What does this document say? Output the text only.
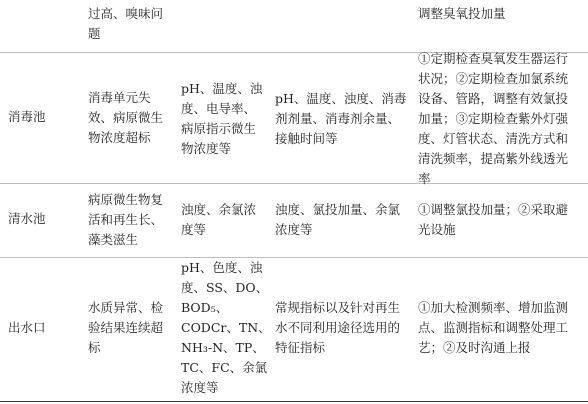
过高、嗅味问
题
调整臭氧投加量
消毒池
消毒单元失
效、病原微生
物浓度超标
pH、温度、浊
度、电导率、
病原指示微生
物浓度等
pH、温度、浊度、消毒
剂剂量、消毒剂余量、
接触时间等
①定期检查臭氧发生器运行
状况；②定期检查加氯系统
设备、管路，调整有效氯投
加量；③定期检查紫外灯强
度、灯管状态、清洗方式和
清洗频率，提高紫外线透光
率
清水池
病原微生物复
活和再生长、
藻类滋生
浊度、余氯浓
度等
浊度、氯投加量、余氯
浓度等
①调整氯投加量；②采取避
光设施
出水口
水质异常、检
验结果连续超
标
pH、色度、浊
度、SS、DO、
BOD₅、
CODCr、TN、
NH₃-N、TP、
TC、FC、余氯
浓度等
常规指标以及针对再生
水不同利用途径选用的
特征指标
①加大检测频率、增加监测
点、监测指标和调整处理工
艺；②及时沟通上报
